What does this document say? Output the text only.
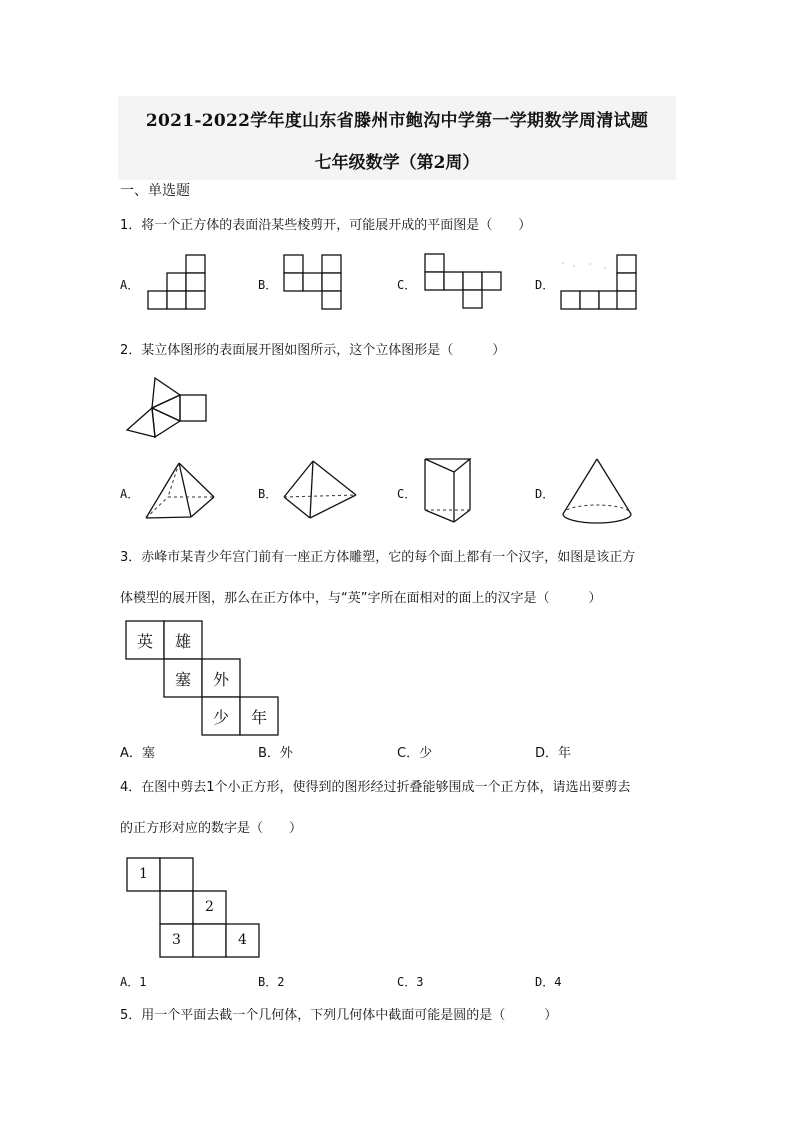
2021-2022学年度山东省滕州市鲍沟中学第一学期数学周清试题
七年级数学（第2周）
一、单选题
1．将一个正方体的表面沿某些棱剪开，可能展开成的平面图是（　　）
A．	B．	C．	D．
2．某立体图形的表面展开图如图所示，这个立体图形是（　　　）
A．	B．	C．	D．
3．赤峰市某青少年宫门前有一座正方体雕塑，它的每个面上都有一个汉字，如图是该正方
体模型的展开图，那么在正方体中，与“英”字所在面相对的面上的汉字是（　　　）
英	雄
塞	外
少	年
A．塞	B．外	C．少	D．年
4．在图中剪去1个小正方形，使得到的图形经过折叠能够围成一个正方体，请选出要剪去
的正方形对应的数字是（　　）
1
2
3	4
A．1	B．2	C．3	D．4
5．用一个平面去截一个几何体，下列几何体中截面可能是圆的是（　　　）
